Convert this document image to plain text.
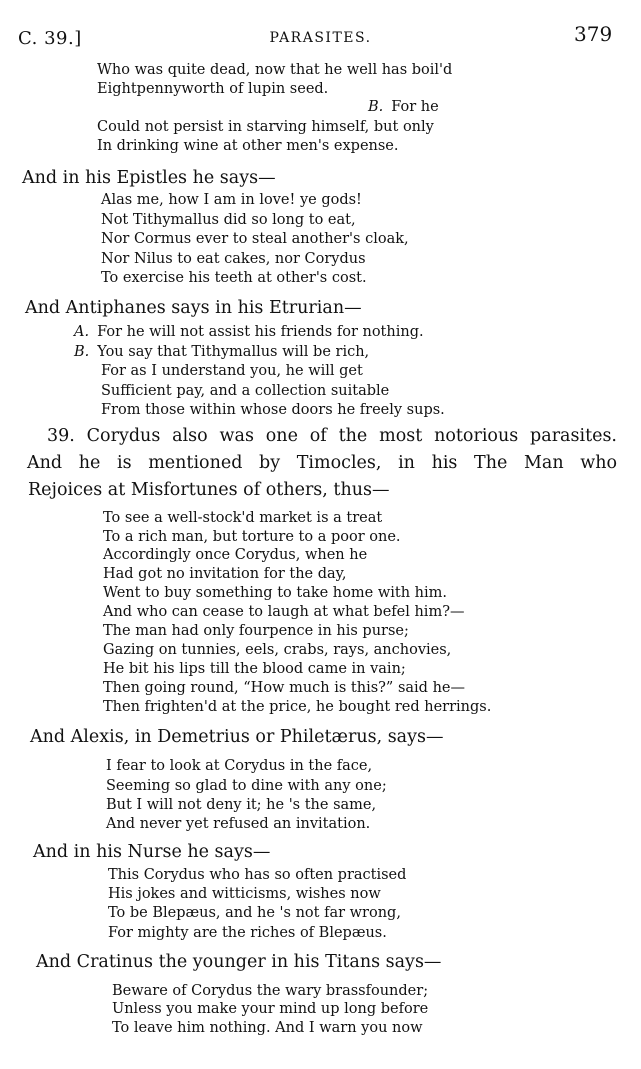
C. 39.]	PARASITES.	379
Who was quite dead, now that he well has boil'd
Eightpennyworth of lupin seed.
B. For he
Could not persist in starving himself, but only
In drinking wine at other men's expense.
And in his Epistles he says—
Alas me, how I am in love! ye gods!
Not Tithymallus did so long to eat,
Nor Cormus ever to steal another's cloak,
Nor Nilus to eat cakes, nor Corydus
To exercise his teeth at other's cost.
And Antiphanes says in his Etrurian—
A. For he will not assist his friends for nothing.
B. You say that Tithymallus will be rich,
For as I understand you, he will get
Sufficient pay, and a collection suitable
From those within whose doors he freely sups.
39. Corydus also was one of the most notorious parasites.
And he is mentioned by Timocles, in his The Man who
Rejoices at Misfortunes of others, thus—
To see a well-stock'd market is a treat
To a rich man, but torture to a poor one.
Accordingly once Corydus, when he
Had got no invitation for the day,
Went to buy something to take home with him.
And who can cease to laugh at what befel him?—
The man had only fourpence in his purse;
Gazing on tunnies, eels, crabs, rays, anchovies,
He bit his lips till the blood came in vain;
Then going round, “How much is this?” said he—
Then frighten'd at the price, he bought red herrings.
And Alexis, in Demetrius or Philetærus, says—
I fear to look at Corydus in the face,
Seeming so glad to dine with any one;
But I will not deny it; he 's the same,
And never yet refused an invitation.
And in his Nurse he says—
This Corydus who has so often practised
His jokes and witticisms, wishes now
To be Blepæus, and he 's not far wrong,
For mighty are the riches of Blepæus.
And Cratinus the younger in his Titans says—
Beware of Corydus the wary brassfounder;
Unless you make your mind up long before
To leave him nothing. And I warn you now
